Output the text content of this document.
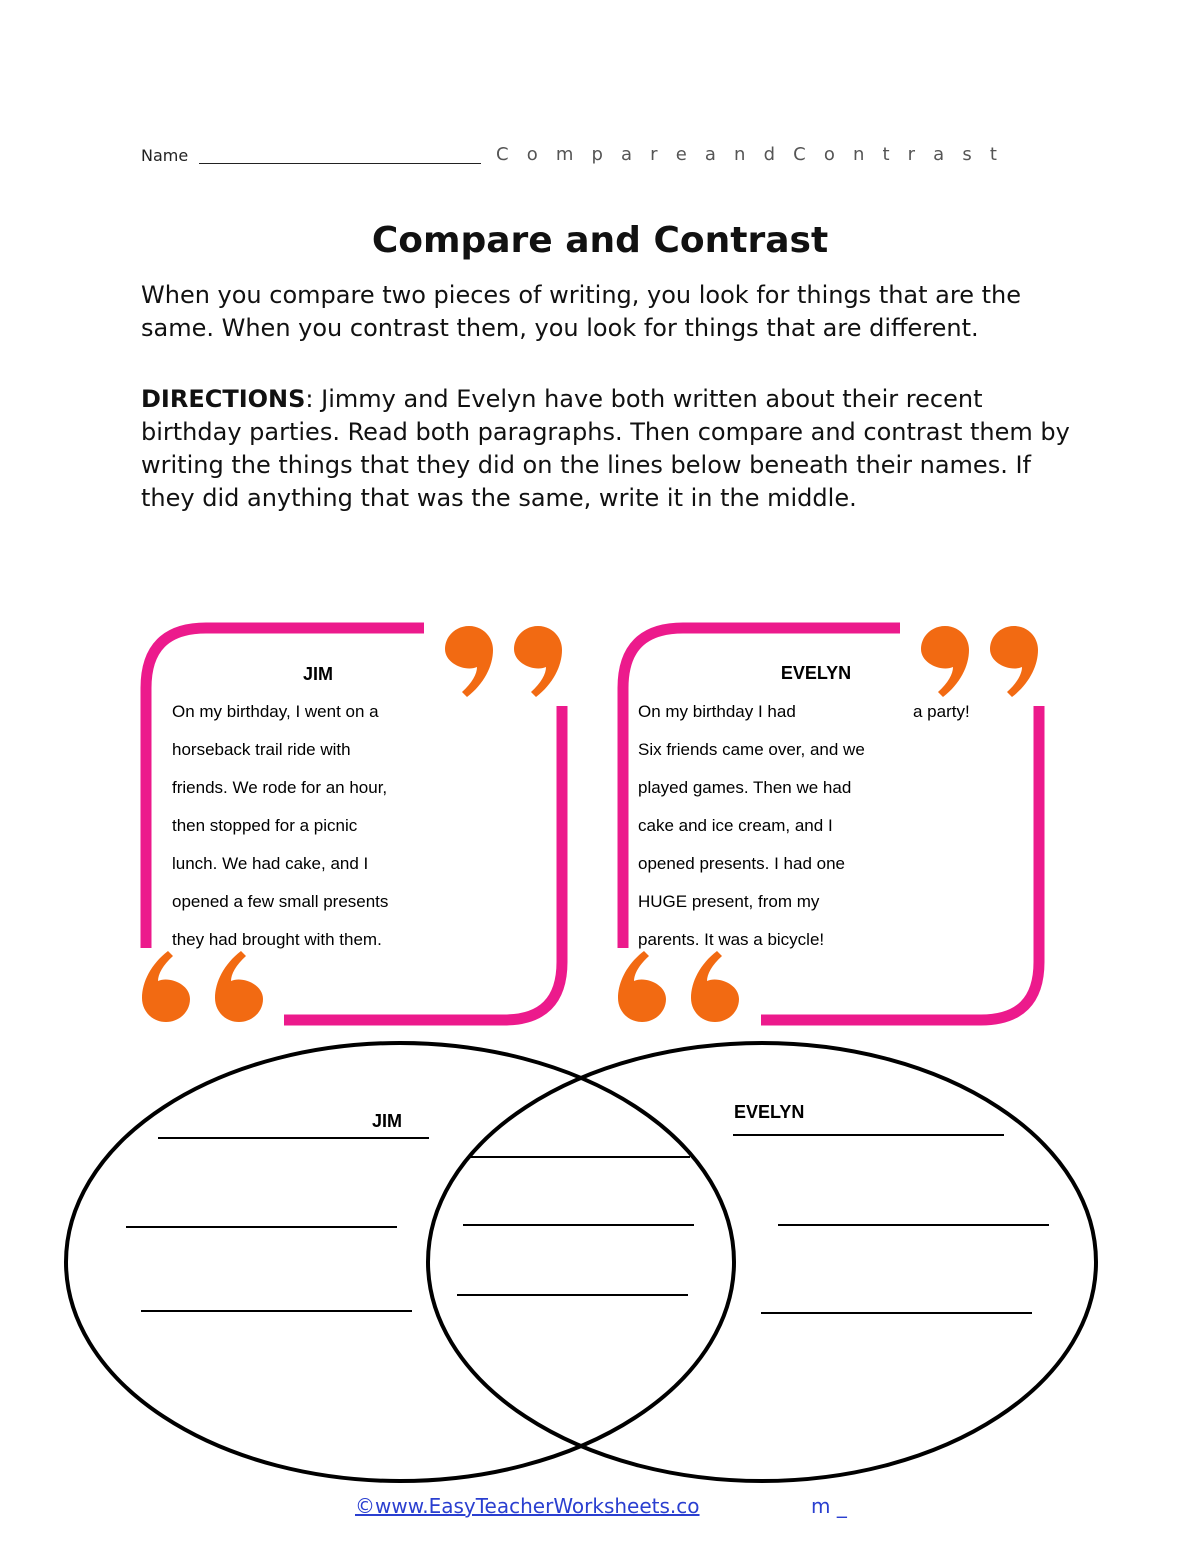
Name	C o m p a r e a n d C o n t r a s t
Compare and Contrast
When you compare two pieces of writing, you look for things that are the same. When you contrast them, you look for things that are different.
DIRECTIONS: Jimmy and Evelyn have both written about their recent birthday parties. Read both paragraphs. Then compare and contrast them by writing the things that they did on the lines below beneath their names. If they did anything that was the same, write it in the middle.
JIM
On my birthday, I went on a
horseback trail ride with
friends. We rode for an hour,
then stopped for a picnic
lunch. We had cake, and I
opened a few small presents
they had brought with them.
EVELYN
On my birthday I had	a party!
Six friends came over, and we
played games. Then we had
cake and ice cream, and I
opened presents. I had one
HUGE present, from my
parents. It was a bicycle!
JIM	EVELYN
©www.EasyTeacherWorksheets.co	m _
